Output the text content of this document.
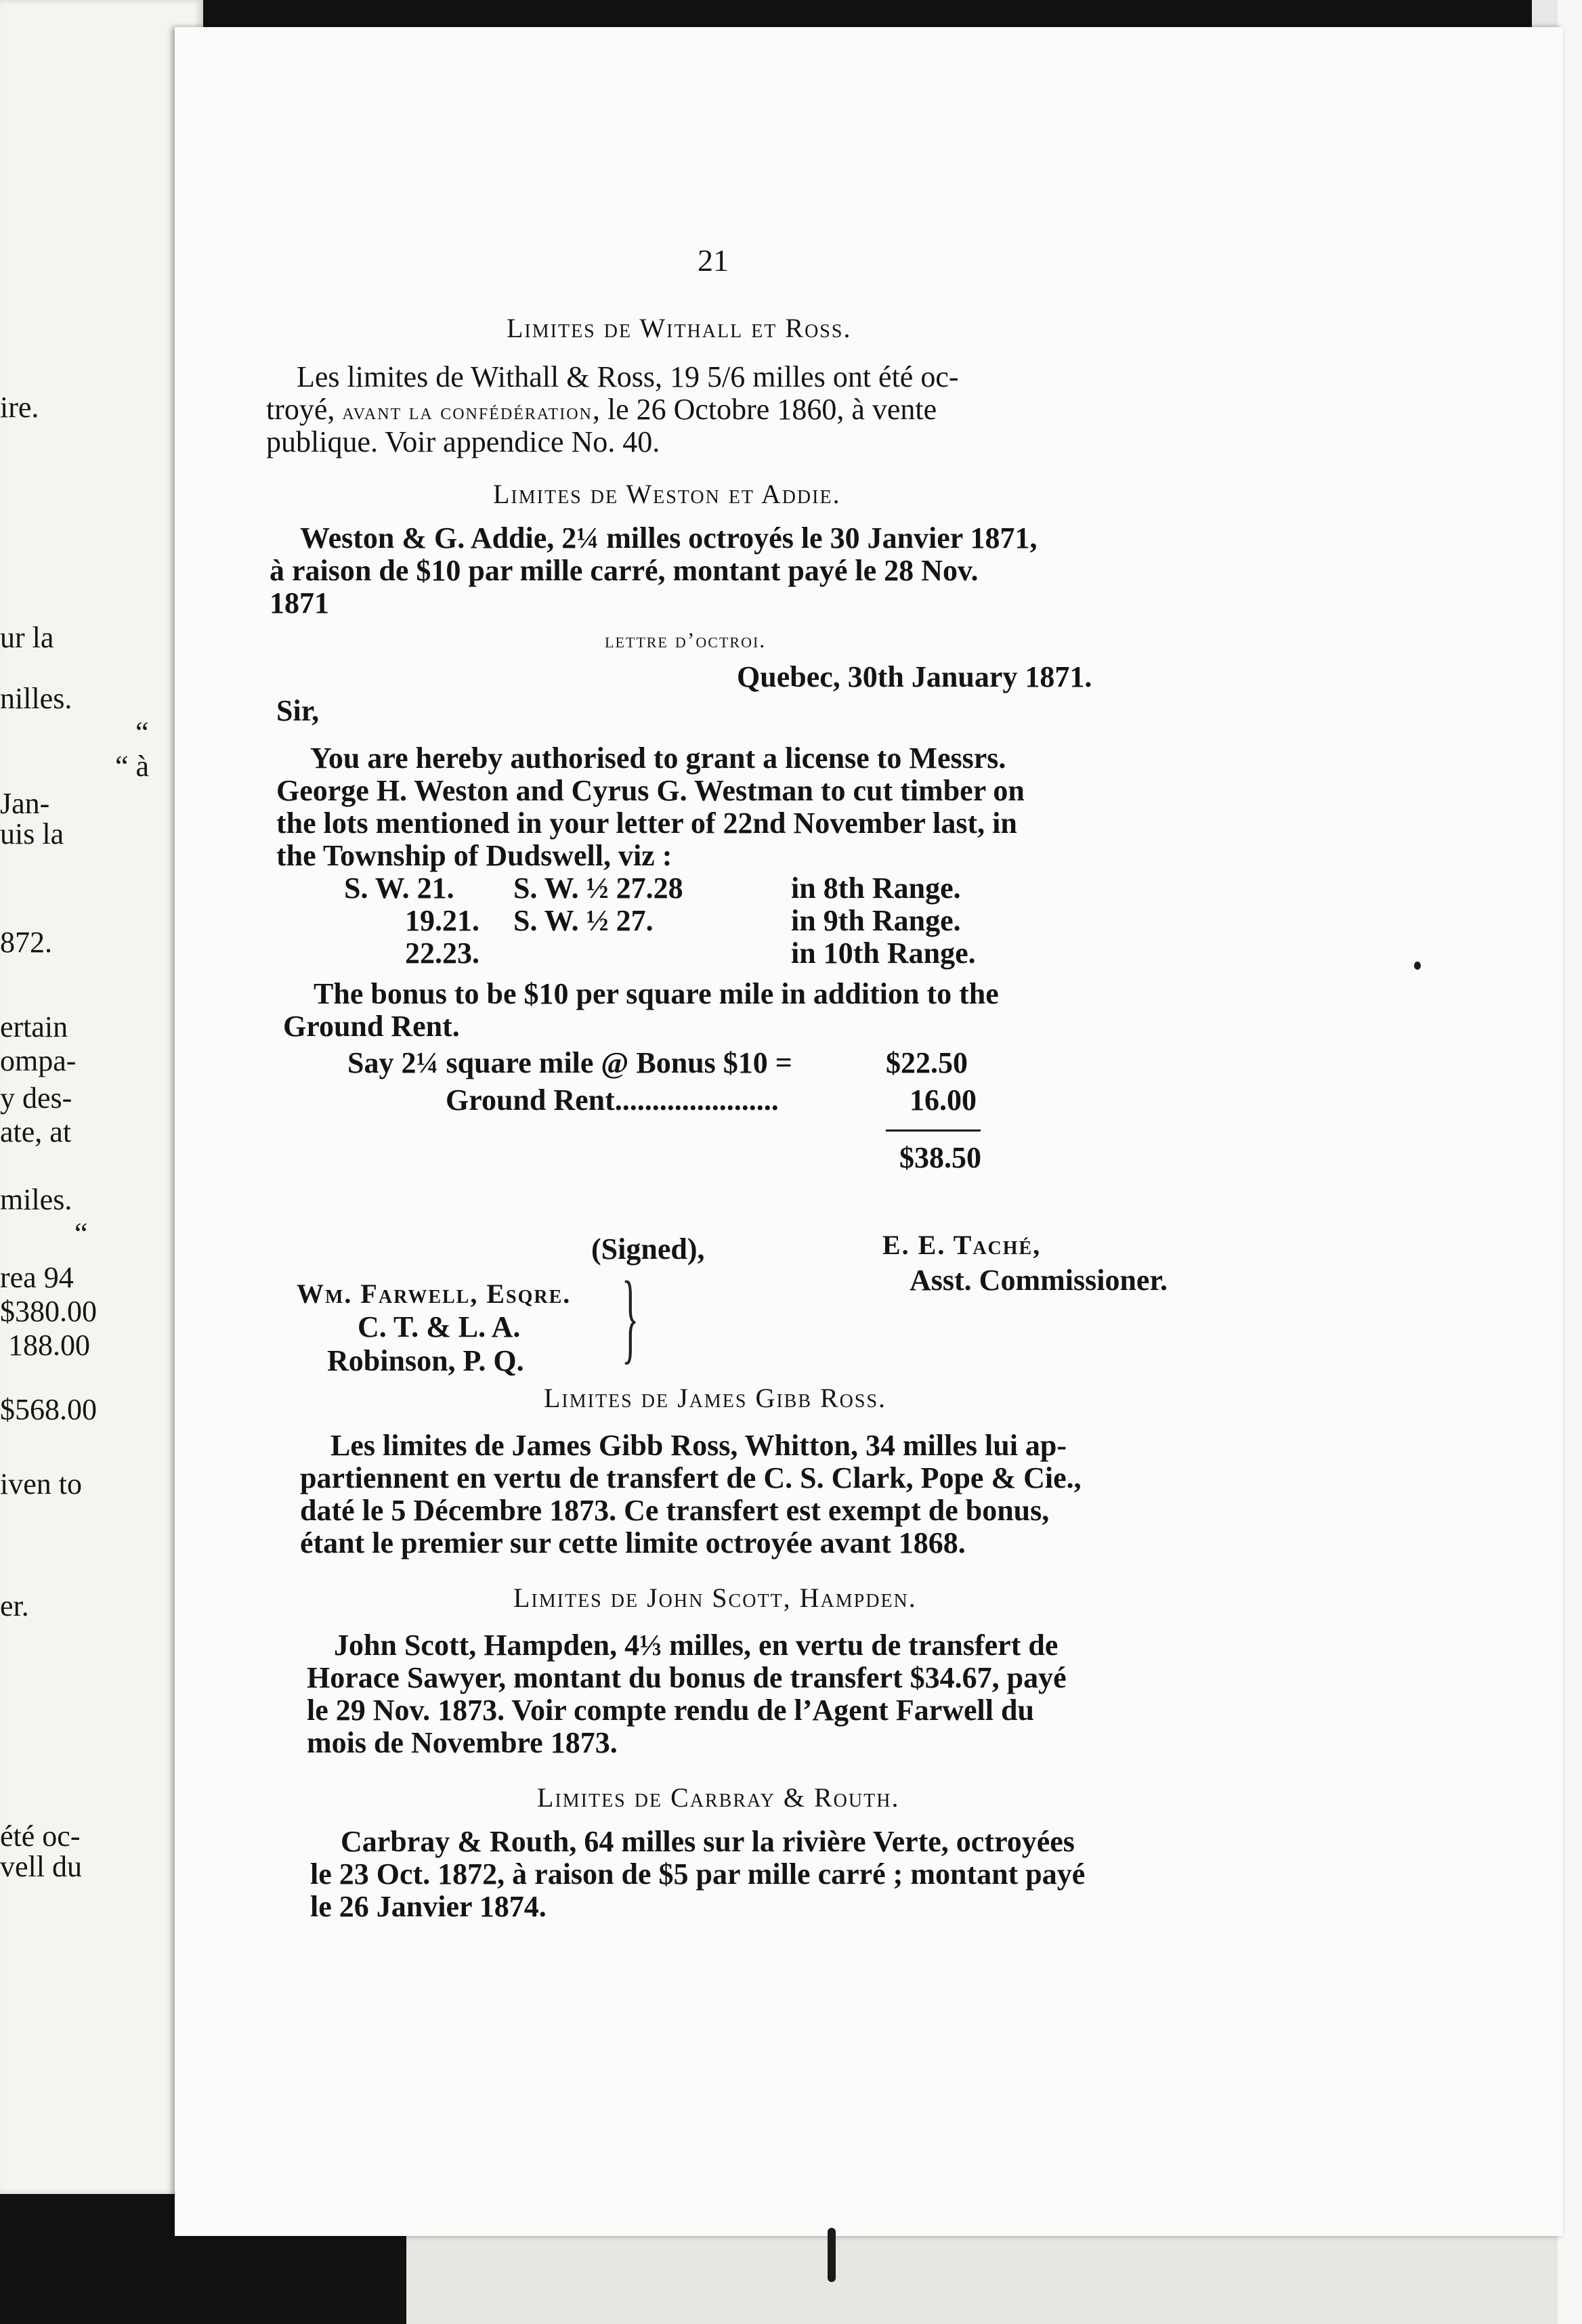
ire.
ur la
nilles.
“
“ à
Jan-
uis la
872.
ertain
ompa-
y des-
ate, at
miles.
“
rea 94
$380.00
188.00
$568.00
iven to
er.
été oc-
vell du
21
Limites de Withall et Ross.
Les limites de Withall & Ross, 19 5/6 milles ont été oc-
troyé, avant la confédération, le 26 Octobre 1860, à vente
publique. Voir appendice No. 40.
Limites de Weston et Addie.
Weston & G. Addie, 2¼ milles octroyés le 30 Janvier 1871,
à raison de $10 par mille carré, montant payé le 28 Nov.
1871
lettre d’octroi.
Quebec, 30th January 1871.
Sir,
You are hereby authorised to grant a license to Messrs.
George H. Weston and Cyrus G. Westman to cut timber on
the lots mentioned in your letter of 22nd November last, in
the Township of Dudswell, viz :
S. W. 21. S. W. ½ 27.28	in 8th Range.
19.21. S. W. ½ 27.	in 9th Range.
22.23.	in 10th Range.
The bonus to be $10 per square mile in addition to the
Ground Rent.
Say 2¼ square mile @ Bonus $10 =	$22.50
Ground Rent......................	16.00
$38.50
(Signed),	E. E. Taché,
Asst. Commissioner.
Wm. Farwell, Esqre.
C. T. & L. A.
Robinson, P. Q. }
Limites de James Gibb Ross.
Les limites de James Gibb Ross, Whitton, 34 milles lui ap-
partiennent en vertu de transfert de C. S. Clark, Pope & Cie.,
daté le 5 Décembre 1873. Ce transfert est exempt de bonus,
étant le premier sur cette limite octroyée avant 1868.
Limites de John Scott, Hampden.
John Scott, Hampden, 4⅓ milles, en vertu de transfert de
Horace Sawyer, montant du bonus de transfert $34.67, payé
le 29 Nov. 1873. Voir compte rendu de l’Agent Farwell du
mois de Novembre 1873.
Limites de Carbray & Routh.
Carbray & Routh, 64 milles sur la rivière Verte, octroyées
le 23 Oct. 1872, à raison de $5 par mille carré ; montant payé
le 26 Janvier 1874.
